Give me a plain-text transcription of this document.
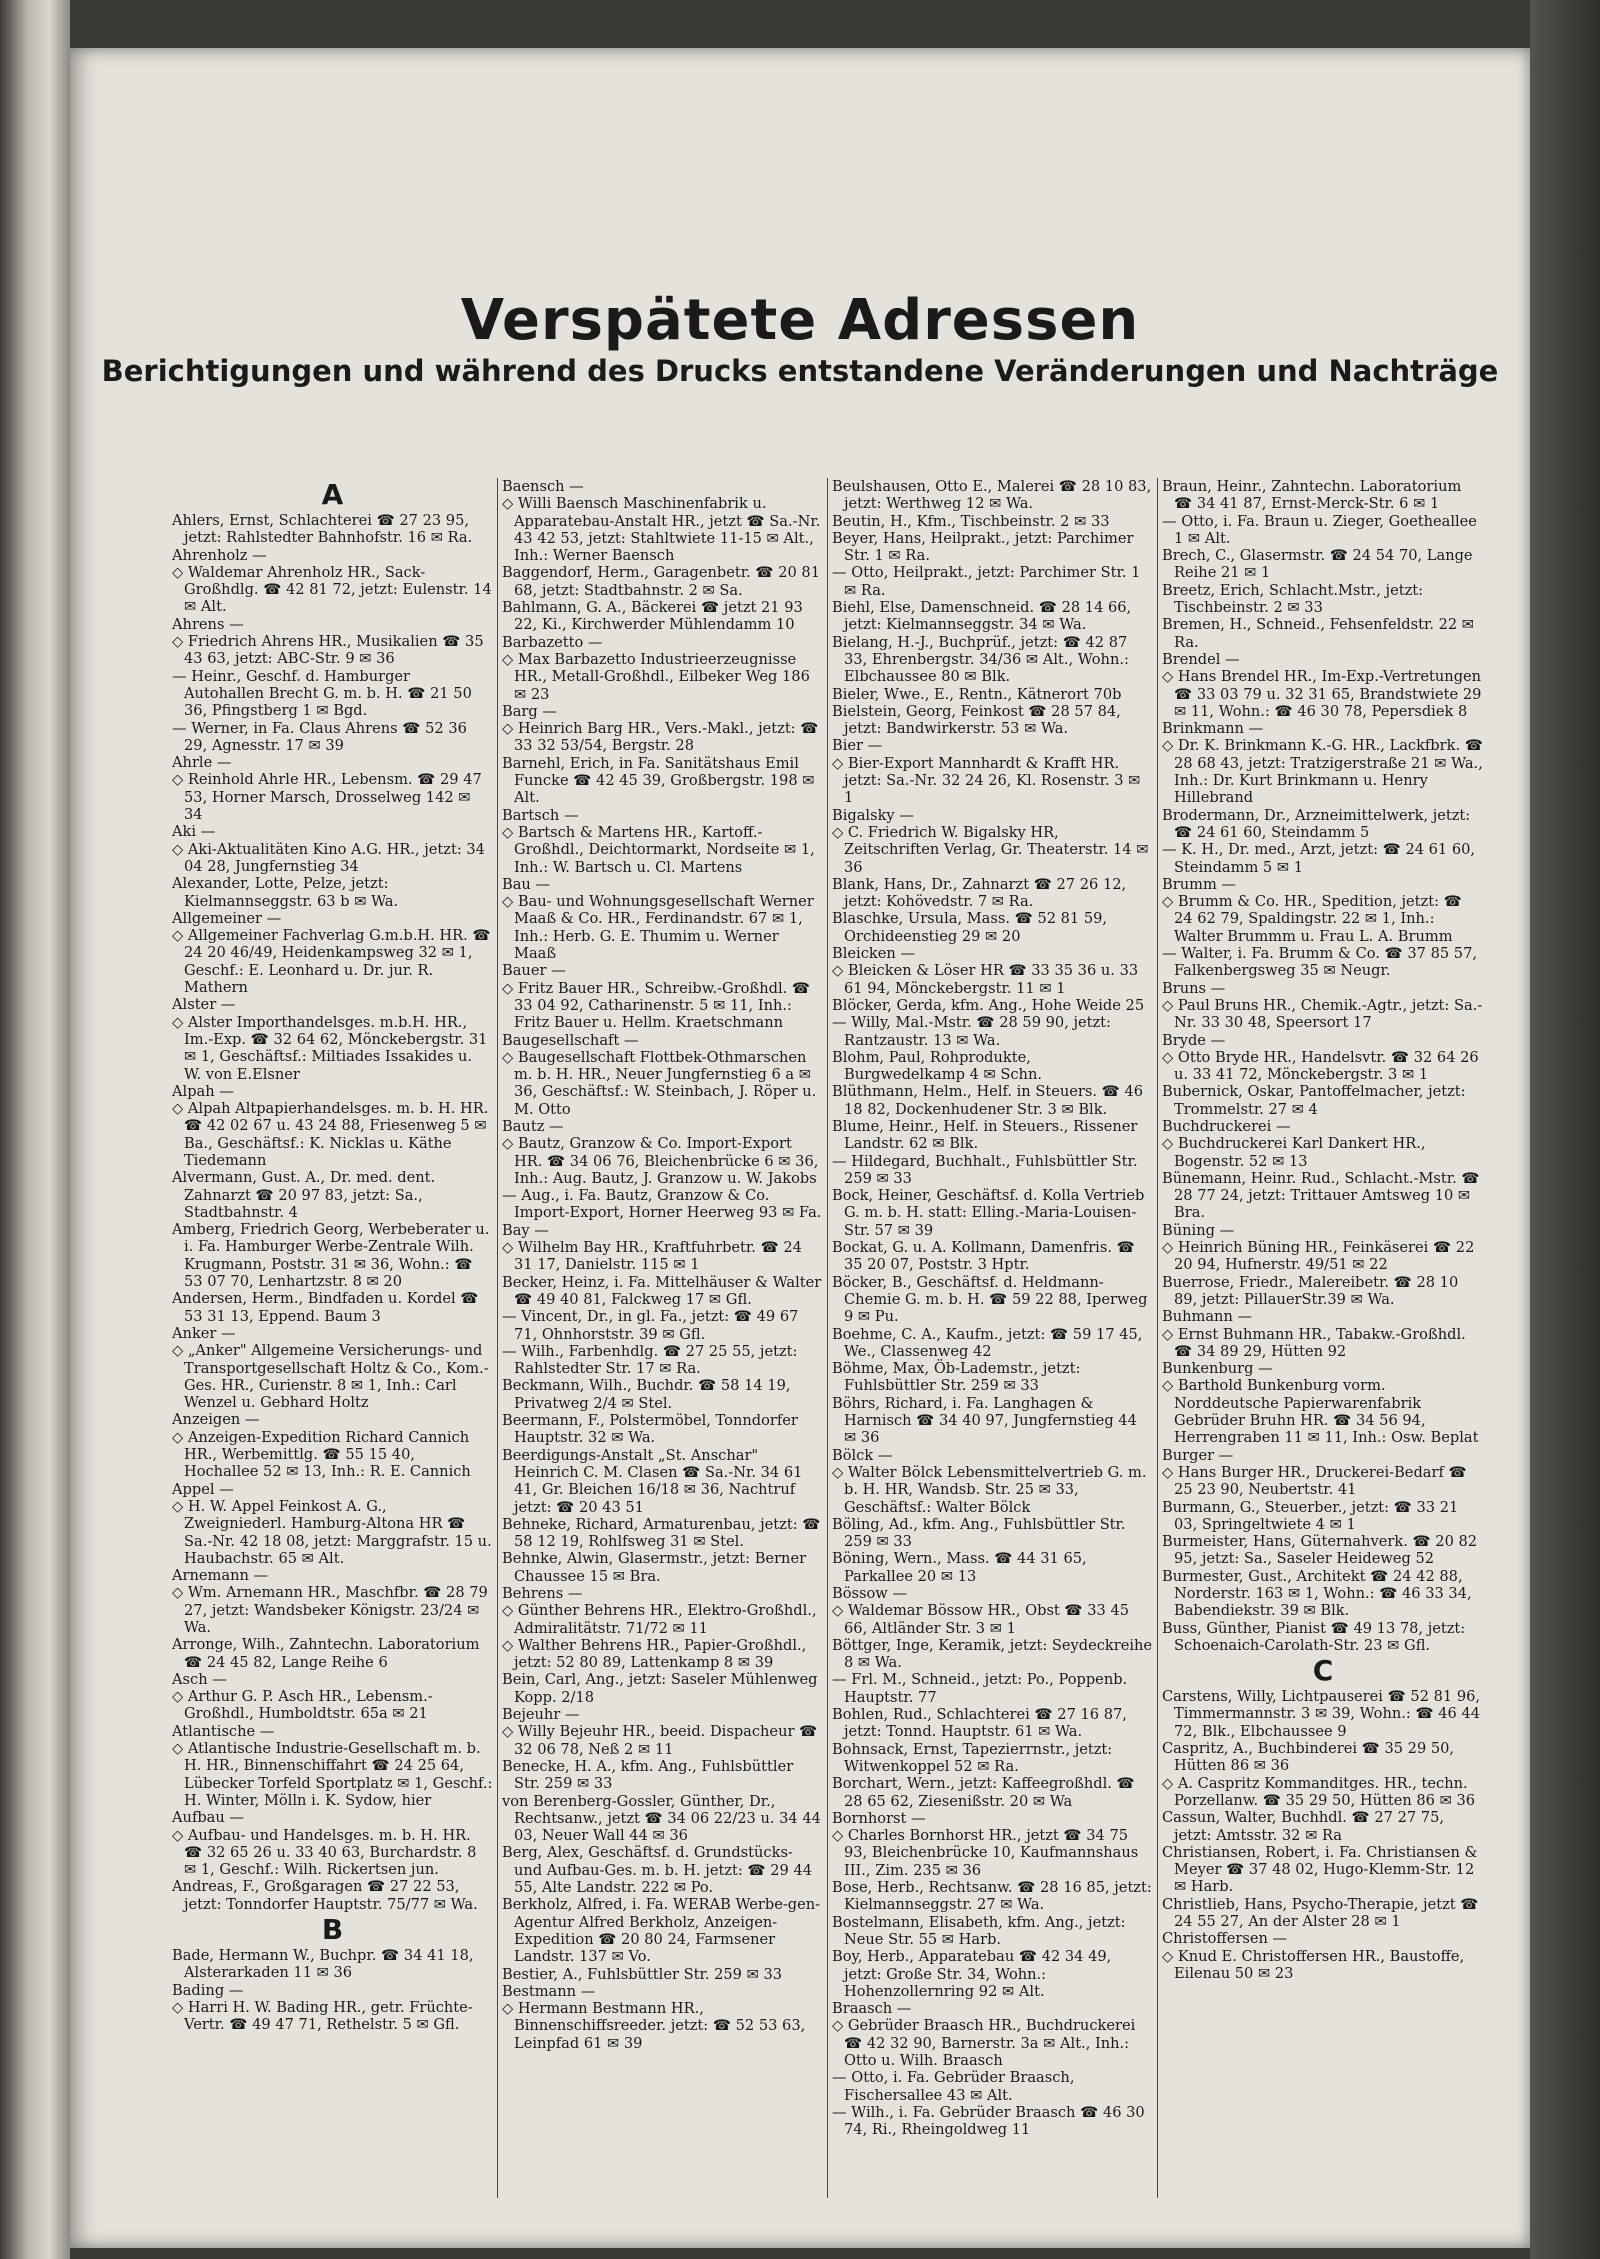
Verspätete Adressen
Berichtigungen und während des Drucks entstandene Veränderungen und Nachträge

A

Ahlers, Ernst, Schlachterei ☎ 27 23 95, jetzt: Rahlstedter Bahnhofstr. 16 ✉ Ra.

Ahrenholz —

◇ Waldemar Ahrenholz HR., Sack-Großhdlg. ☎ 42 81 72, jetzt: Eulenstr. 14 ✉ Alt.

Ahrens —

◇ Friedrich Ahrens HR., Musikalien ☎ 35 43 63, jetzt: ABC-Str. 9 ✉ 36

— Heinr., Geschf. d. Hamburger Autohallen Brecht G. m. b. H. ☎ 21 50 36, Pfingstberg 1 ✉ Bgd.

— Werner, in Fa. Claus Ahrens ☎ 52 36 29, Agnesstr. 17 ✉ 39

Ahrle —

◇ Reinhold Ahrle HR., Lebensm. ☎ 29 47 53, Horner Marsch, Drosselweg 142 ✉ 34

Aki —

◇ Aki-Aktualitäten Kino A.G. HR., jetzt: 34 04 28, Jungfernstieg 34

Alexander, Lotte, Pelze, jetzt: Kielmannseggstr. 63 b ✉ Wa.

Allgemeiner —

◇ Allgemeiner Fachverlag G.m.b.H. HR. ☎ 24 20 46/49, Heidenkampsweg 32 ✉ 1, Geschf.: E. Leonhard u. Dr. jur. R. Mathern

Alster —

◇ Alster Importhandelsges. m.b.H. HR., Im.-Exp. ☎ 32 64 62, Mönckebergstr. 31 ✉ 1, Geschäftsf.: Miltiades Issakides u. W. von E.Elsner

Alpah —

◇ Alpah Altpapierhandelsges. m. b. H. HR. ☎ 42 02 67 u. 43 24 88, Friesenweg 5 ✉ Ba., Geschäftsf.: K. Nicklas u. Käthe Tiedemann

Alvermann, Gust. A., Dr. med. dent. Zahnarzt ☎ 20 97 83, jetzt: Sa., Stadtbahnstr. 4

Amberg, Friedrich Georg, Werbeberater u. i. Fa. Hamburger Werbe-Zentrale Wilh. Krugmann, Poststr. 31 ✉ 36, Wohn.: ☎ 53 07 70, Lenhartzstr. 8 ✉ 20

Andersen, Herm., Bindfaden u. Kordel ☎ 53 31 13, Eppend. Baum 3

Anker —

◇ „Anker" Allgemeine Versicherungs- und Transportgesellschaft Holtz & Co., Kom.-Ges. HR., Curienstr. 8 ✉ 1, Inh.: Carl Wenzel u. Gebhard Holtz

Anzeigen —

◇ Anzeigen-Expedition Richard Cannich HR., Werbemittlg. ☎ 55 15 40, Hochallee 52 ✉ 13, Inh.: R. E. Cannich

Appel —

◇ H. W. Appel Feinkost A. G., Zweigniederl. Hamburg-Altona HR ☎ Sa.-Nr. 42 18 08, jetzt: Marggrafstr. 15 u. Haubachstr. 65 ✉ Alt.

Arnemann —

◇ Wm. Arnemann HR., Maschfbr. ☎ 28 79 27, jetzt: Wandsbeker Königstr. 23/24 ✉ Wa.

Arronge, Wilh., Zahntechn. Laboratorium ☎ 24 45 82, Lange Reihe 6

Asch —

◇ Arthur G. P. Asch HR., Lebensm.-Großhdl., Humboldtstr. 65a ✉ 21

Atlantische —

◇ Atlantische Industrie-Gesellschaft m. b. H. HR., Binnenschiffahrt ☎ 24 25 64, Lübecker Torfeld Sportplatz ✉ 1, Geschf.: H. Winter, Mölln i. K. Sydow, hier

Aufbau —

◇ Aufbau- und Handelsges. m. b. H. HR. ☎ 32 65 26 u. 33 40 63, Burchardstr. 8 ✉ 1, Geschf.: Wilh. Rickertsen jun.

Andreas, F., Großgaragen ☎ 27 22 53, jetzt: Tonndorfer Hauptstr. 75/77 ✉ Wa.

B

Bade, Hermann W., Buchpr. ☎ 34 41 18, Alsterarkaden 11 ✉ 36

Bading —

◇ Harri H. W. Bading HR., getr. Früchte-Vertr. ☎ 49 47 71, Rethelstr. 5 ✉ Gfl.

Baensch —

◇ Willi Baensch Maschinenfabrik u. Apparatebau-Anstalt HR., jetzt ☎ Sa.-Nr. 43 42 53, jetzt: Stahltwiete 11-15 ✉ Alt., Inh.: Werner Baensch

Baggendorf, Herm., Garagenbetr. ☎ 20 81 68, jetzt: Stadtbahnstr. 2 ✉ Sa.

Bahlmann, G. A., Bäckerei ☎ jetzt 21 93 22, Ki., Kirchwerder Mühlendamm 10

Barbazetto —

◇ Max Barbazetto Industrieerzeugnisse HR., Metall-Großhdl., Eilbeker Weg 186 ✉ 23

Barg —

◇ Heinrich Barg HR., Vers.-Makl., jetzt: ☎ 33 32 53/54, Bergstr. 28

Barnehl, Erich, in Fa. Sanitätshaus Emil Funcke ☎ 42 45 39, Großbergstr. 198 ✉ Alt.

Bartsch —

◇ Bartsch & Martens HR., Kartoff.-Großhdl., Deichtormarkt, Nordseite ✉ 1, Inh.: W. Bartsch u. Cl. Martens

Bau —

◇ Bau- und Wohnungsgesellschaft Werner Maaß & Co. HR., Ferdinandstr. 67 ✉ 1, Inh.: Herb. G. E. Thumim u. Werner Maaß

Bauer —

◇ Fritz Bauer HR., Schreibw.-Großhdl. ☎ 33 04 92, Catharinenstr. 5 ✉ 11, Inh.: Fritz Bauer u. Hellm. Kraetschmann

Baugesellschaft —

◇ Baugesellschaft Flottbek-Othmarschen m. b. H. HR., Neuer Jungfernstieg 6 a ✉ 36, Geschäftsf.: W. Steinbach, J. Röper u. M. Otto

Bautz —

◇ Bautz, Granzow & Co. Import-Export HR. ☎ 34 06 76, Bleichenbrücke 6 ✉ 36, Inh.: Aug. Bautz, J. Granzow u. W. Jakobs

— Aug., i. Fa. Bautz, Granzow & Co. Import-Export, Horner Heerweg 93 ✉ Fa.

Bay —

◇ Wilhelm Bay HR., Kraftfuhrbetr. ☎ 24 31 17, Danielstr. 115 ✉ 1

Becker, Heinz, i. Fa. Mittelhäuser & Walter ☎ 49 40 81, Falckweg 17 ✉ Gfl.

— Vincent, Dr., in gl. Fa., jetzt: ☎ 49 67 71, Ohnhorststr. 39 ✉ Gfl.

— Wilh., Farbenhdlg. ☎ 27 25 55, jetzt: Rahlstedter Str. 17 ✉ Ra.

Beckmann, Wilh., Buchdr. ☎ 58 14 19, Privatweg 2/4 ✉ Stel.

Beermann, F., Polstermöbel, Tonndorfer Hauptstr. 32 ✉ Wa.

Beerdigungs-Anstalt „St. Anschar" Heinrich C. M. Clasen ☎ Sa.-Nr. 34 61 41, Gr. Bleichen 16/18 ✉ 36, Nachtruf jetzt: ☎ 20 43 51

Behneke, Richard, Armaturenbau, jetzt: ☎ 58 12 19, Rohlfsweg 31 ✉ Stel.

Behnke, Alwin, Glasermstr., jetzt: Berner Chaussee 15 ✉ Bra.

Behrens —

◇ Günther Behrens HR., Elektro-Großhdl., Admiralitätstr. 71/72 ✉ 11

◇ Walther Behrens HR., Papier-Großhdl., jetzt: 52 80 89, Lattenkamp 8 ✉ 39

Bein, Carl, Ang., jetzt: Saseler Mühlenweg Kopp. 2/18

Bejeuhr —

◇ Willy Bejeuhr HR., beeid. Dispacheur ☎ 32 06 78, Neß 2 ✉ 11

Benecke, H. A., kfm. Ang., Fuhlsbüttler Str. 259 ✉ 33

von Berenberg-Gossler, Günther, Dr., Rechtsanw., jetzt ☎ 34 06 22/23 u. 34 44 03, Neuer Wall 44 ✉ 36

Berg, Alex, Geschäftsf. d. Grundstücks- und Aufbau-Ges. m. b. H. jetzt: ☎ 29 44 55, Alte Landstr. 222 ✉ Po.

Berkholz, Alfred, i. Fa. WERAB Werbe-gen-Agentur Alfred Berkholz, Anzeigen-Expedition ☎ 20 80 24, Farmsener Landstr. 137 ✉ Vo.

Bestier, A., Fuhlsbüttler Str. 259 ✉ 33

Bestmann —

◇ Hermann Bestmann HR., Binnenschiffsreeder. jetzt: ☎ 52 53 63, Leinpfad 61 ✉ 39

Beulshausen, Otto E., Malerei ☎ 28 10 83, jetzt: Werthweg 12 ✉ Wa.

Beutin, H., Kfm., Tischbeinstr. 2 ✉ 33

Beyer, Hans, Heilprakt., jetzt: Parchimer Str. 1 ✉ Ra.

— Otto, Heilprakt., jetzt: Parchimer Str. 1 ✉ Ra.

Biehl, Else, Damenschneid. ☎ 28 14 66, jetzt: Kielmannseggstr. 34 ✉ Wa.

Bielang, H.-J., Buchprüf., jetzt: ☎ 42 87 33, Ehrenbergstr. 34/36 ✉ Alt., Wohn.: Elbchaussee 80 ✉ Blk.

Bieler, Wwe., E., Rentn., Kätnerort 70b

Bielstein, Georg, Feinkost ☎ 28 57 84, jetzt: Bandwirkerstr. 53 ✉ Wa.

Bier —

◇ Bier-Export Mannhardt & Krafft HR. jetzt: Sa.-Nr. 32 24 26, Kl. Rosenstr. 3 ✉ 1

Bigalsky —

◇ C. Friedrich W. Bigalsky HR, Zeitschriften Verlag, Gr. Theaterstr. 14 ✉ 36

Blank, Hans, Dr., Zahnarzt ☎ 27 26 12, jetzt: Kohövedstr. 7 ✉ Ra.

Blaschke, Ursula, Mass. ☎ 52 81 59, Orchideenstieg 29 ✉ 20

Bleicken —

◇ Bleicken & Löser HR ☎ 33 35 36 u. 33 61 94, Mönckebergstr. 11 ✉ 1

Blöcker, Gerda, kfm. Ang., Hohe Weide 25

— Willy, Mal.-Mstr. ☎ 28 59 90, jetzt: Rantzaustr. 13 ✉ Wa.

Blohm, Paul, Rohprodukte, Burgwedelkamp 4 ✉ Schn.

Blüthmann, Helm., Helf. in Steuers. ☎ 46 18 82, Dockenhudener Str. 3 ✉ Blk.

Blume, Heinr., Helf. in Steuers., Rissener Landstr. 62 ✉ Blk.

— Hildegard, Buchhalt., Fuhlsbüttler Str. 259 ✉ 33

Bock, Heiner, Geschäftsf. d. Kolla Vertrieb G. m. b. H. statt: Elling.-Maria-Louisen-Str. 57 ✉ 39

Bockat, G. u. A. Kollmann, Damenfris. ☎ 35 20 07, Poststr. 3 Hptr.

Böcker, B., Geschäftsf. d. Heldmann-Chemie G. m. b. H. ☎ 59 22 88, Iperweg 9 ✉ Pu.

Boehme, C. A., Kaufm., jetzt: ☎ 59 17 45, We., Classenweg 42

Böhme, Max, Öb-Lademstr., jetzt: Fuhlsbüttler Str. 259 ✉ 33

Böhrs, Richard, i. Fa. Langhagen & Harnisch ☎ 34 40 97, Jungfernstieg 44 ✉ 36

Bölck —

◇ Walter Bölck Lebensmittelvertrieb G. m. b. H. HR, Wandsb. Str. 25 ✉ 33, Geschäftsf.: Walter Bölck

Böling, Ad., kfm. Ang., Fuhlsbüttler Str. 259 ✉ 33

Böning, Wern., Mass. ☎ 44 31 65, Parkallee 20 ✉ 13

Bössow —

◇ Waldemar Bössow HR., Obst ☎ 33 45 66, Altländer Str. 3 ✉ 1

Böttger, Inge, Keramik, jetzt: Seydeckreihe 8 ✉ Wa.

— Frl. M., Schneid., jetzt: Po., Poppenb. Hauptstr. 77

Bohlen, Rud., Schlachterei ☎ 27 16 87, jetzt: Tonnd. Hauptstr. 61 ✉ Wa.

Bohnsack, Ernst, Tapezierrnstr., jetzt: Witwenkoppel 52 ✉ Ra.

Borchart, Wern., jetzt: Kaffeegroßhdl. ☎ 28 65 62, Ziesenißstr. 20 ✉ Wa

Bornhorst —

◇ Charles Bornhorst HR., jetzt ☎ 34 75 93, Bleichenbrücke 10, Kaufmannshaus III., Zim. 235 ✉ 36

Bose, Herb., Rechtsanw. ☎ 28 16 85, jetzt: Kielmannseggstr. 27 ✉ Wa.

Bostelmann, Elisabeth, kfm. Ang., jetzt: Neue Str. 55 ✉ Harb.

Boy, Herb., Apparatebau ☎ 42 34 49, jetzt: Große Str. 34, Wohn.: Hohenzollernring 92 ✉ Alt.

Braasch —

◇ Gebrüder Braasch HR., Buchdruckerei ☎ 42 32 90, Barnerstr. 3a ✉ Alt., Inh.: Otto u. Wilh. Braasch

— Otto, i. Fa. Gebrüder Braasch, Fischersallee 43 ✉ Alt.

— Wilh., i. Fa. Gebrüder Braasch ☎ 46 30 74, Ri., Rheingoldweg 11

Braun, Heinr., Zahntechn. Laboratorium ☎ 34 41 87, Ernst-Merck-Str. 6 ✉ 1

— Otto, i. Fa. Braun u. Zieger, Goetheallee 1 ✉ Alt.

Brech, C., Glasermstr. ☎ 24 54 70, Lange Reihe 21 ✉ 1

Breetz, Erich, Schlacht.Mstr., jetzt: Tischbeinstr. 2 ✉ 33

Bremen, H., Schneid., Fehsenfeldstr. 22 ✉ Ra.

Brendel —

◇ Hans Brendel HR., Im-Exp.-Vertretungen ☎ 33 03 79 u. 32 31 65, Brandstwiete 29 ✉ 11, Wohn.: ☎ 46 30 78, Pepersdiek 8

Brinkmann —

◇ Dr. K. Brinkmann K.-G. HR., Lackfbrk. ☎ 28 68 43, jetzt: Tratzigerstraße 21 ✉ Wa., Inh.: Dr. Kurt Brinkmann u. Henry Hillebrand

Brodermann, Dr., Arzneimittelwerk, jetzt: ☎ 24 61 60, Steindamm 5

— K. H., Dr. med., Arzt, jetzt: ☎ 24 61 60, Steindamm 5 ✉ 1

Brumm —

◇ Brumm & Co. HR., Spedition, jetzt: ☎ 24 62 79, Spaldingstr. 22 ✉ 1, Inh.: Walter Brummm u. Frau L. A. Brumm

— Walter, i. Fa. Brumm & Co. ☎ 37 85 57, Falkenbergsweg 35 ✉ Neugr.

Bruns —

◇ Paul Bruns HR., Chemik.-Agtr., jetzt: Sa.-Nr. 33 30 48, Speersort 17

Bryde —

◇ Otto Bryde HR., Handelsvtr. ☎ 32 64 26 u. 33 41 72, Mönckebergstr. 3 ✉ 1

Bubernick, Oskar, Pantoffelmacher, jetzt: Trommelstr. 27 ✉ 4

Buchdruckerei —

◇ Buchdruckerei Karl Dankert HR., Bogenstr. 52 ✉ 13

Bünemann, Heinr. Rud., Schlacht.-Mstr. ☎ 28 77 24, jetzt: Trittauer Amtsweg 10 ✉ Bra.

Büning —

◇ Heinrich Büning HR., Feinkäserei ☎ 22 20 94, Hufnerstr. 49/51 ✉ 22

Buerrose, Friedr., Malereibetr. ☎ 28 10 89, jetzt: PillauerStr.39 ✉ Wa.

Buhmann —

◇ Ernst Buhmann HR., Tabakw.-Großhdl. ☎ 34 89 29, Hütten 92

Bunkenburg —

◇ Barthold Bunkenburg vorm. Norddeutsche Papierwarenfabrik Gebrüder Bruhn HR. ☎ 34 56 94, Herrengraben 11 ✉ 11, Inh.: Osw. Beplat

Burger —

◇ Hans Burger HR., Druckerei-Bedarf ☎ 25 23 90, Neubertstr. 41

Burmann, G., Steuerber., jetzt: ☎ 33 21 03, Springeltwiete 4 ✉ 1

Burmeister, Hans, Güternahverk. ☎ 20 82 95, jetzt: Sa., Saseler Heideweg 52

Burmester, Gust., Architekt ☎ 24 42 88, Norderstr. 163 ✉ 1, Wohn.: ☎ 46 33 34, Babendiekstr. 39 ✉ Blk.

Buss, Günther, Pianist ☎ 49 13 78, jetzt: Schoenaich-Carolath-Str. 23 ✉ Gfl.

C

Carstens, Willy, Lichtpauserei ☎ 52 81 96, Timmermannstr. 3 ✉ 39, Wohn.: ☎ 46 44 72, Blk., Elbchaussee 9

Caspritz, A., Buchbinderei ☎ 35 29 50, Hütten 86 ✉ 36

◇ A. Caspritz Kommanditges. HR., techn. Porzellanw. ☎ 35 29 50, Hütten 86 ✉ 36

Cassun, Walter, Buchhdl. ☎ 27 27 75, jetzt: Amtsstr. 32 ✉ Ra

Christiansen, Robert, i. Fa. Christiansen & Meyer ☎ 37 48 02, Hugo-Klemm-Str. 12 ✉ Harb.

Christlieb, Hans, Psycho-Therapie, jetzt ☎ 24 55 27, An der Alster 28 ✉ 1

Christoffersen —

◇ Knud E. Christoffersen HR., Baustoffe, Eilenau 50 ✉ 23
